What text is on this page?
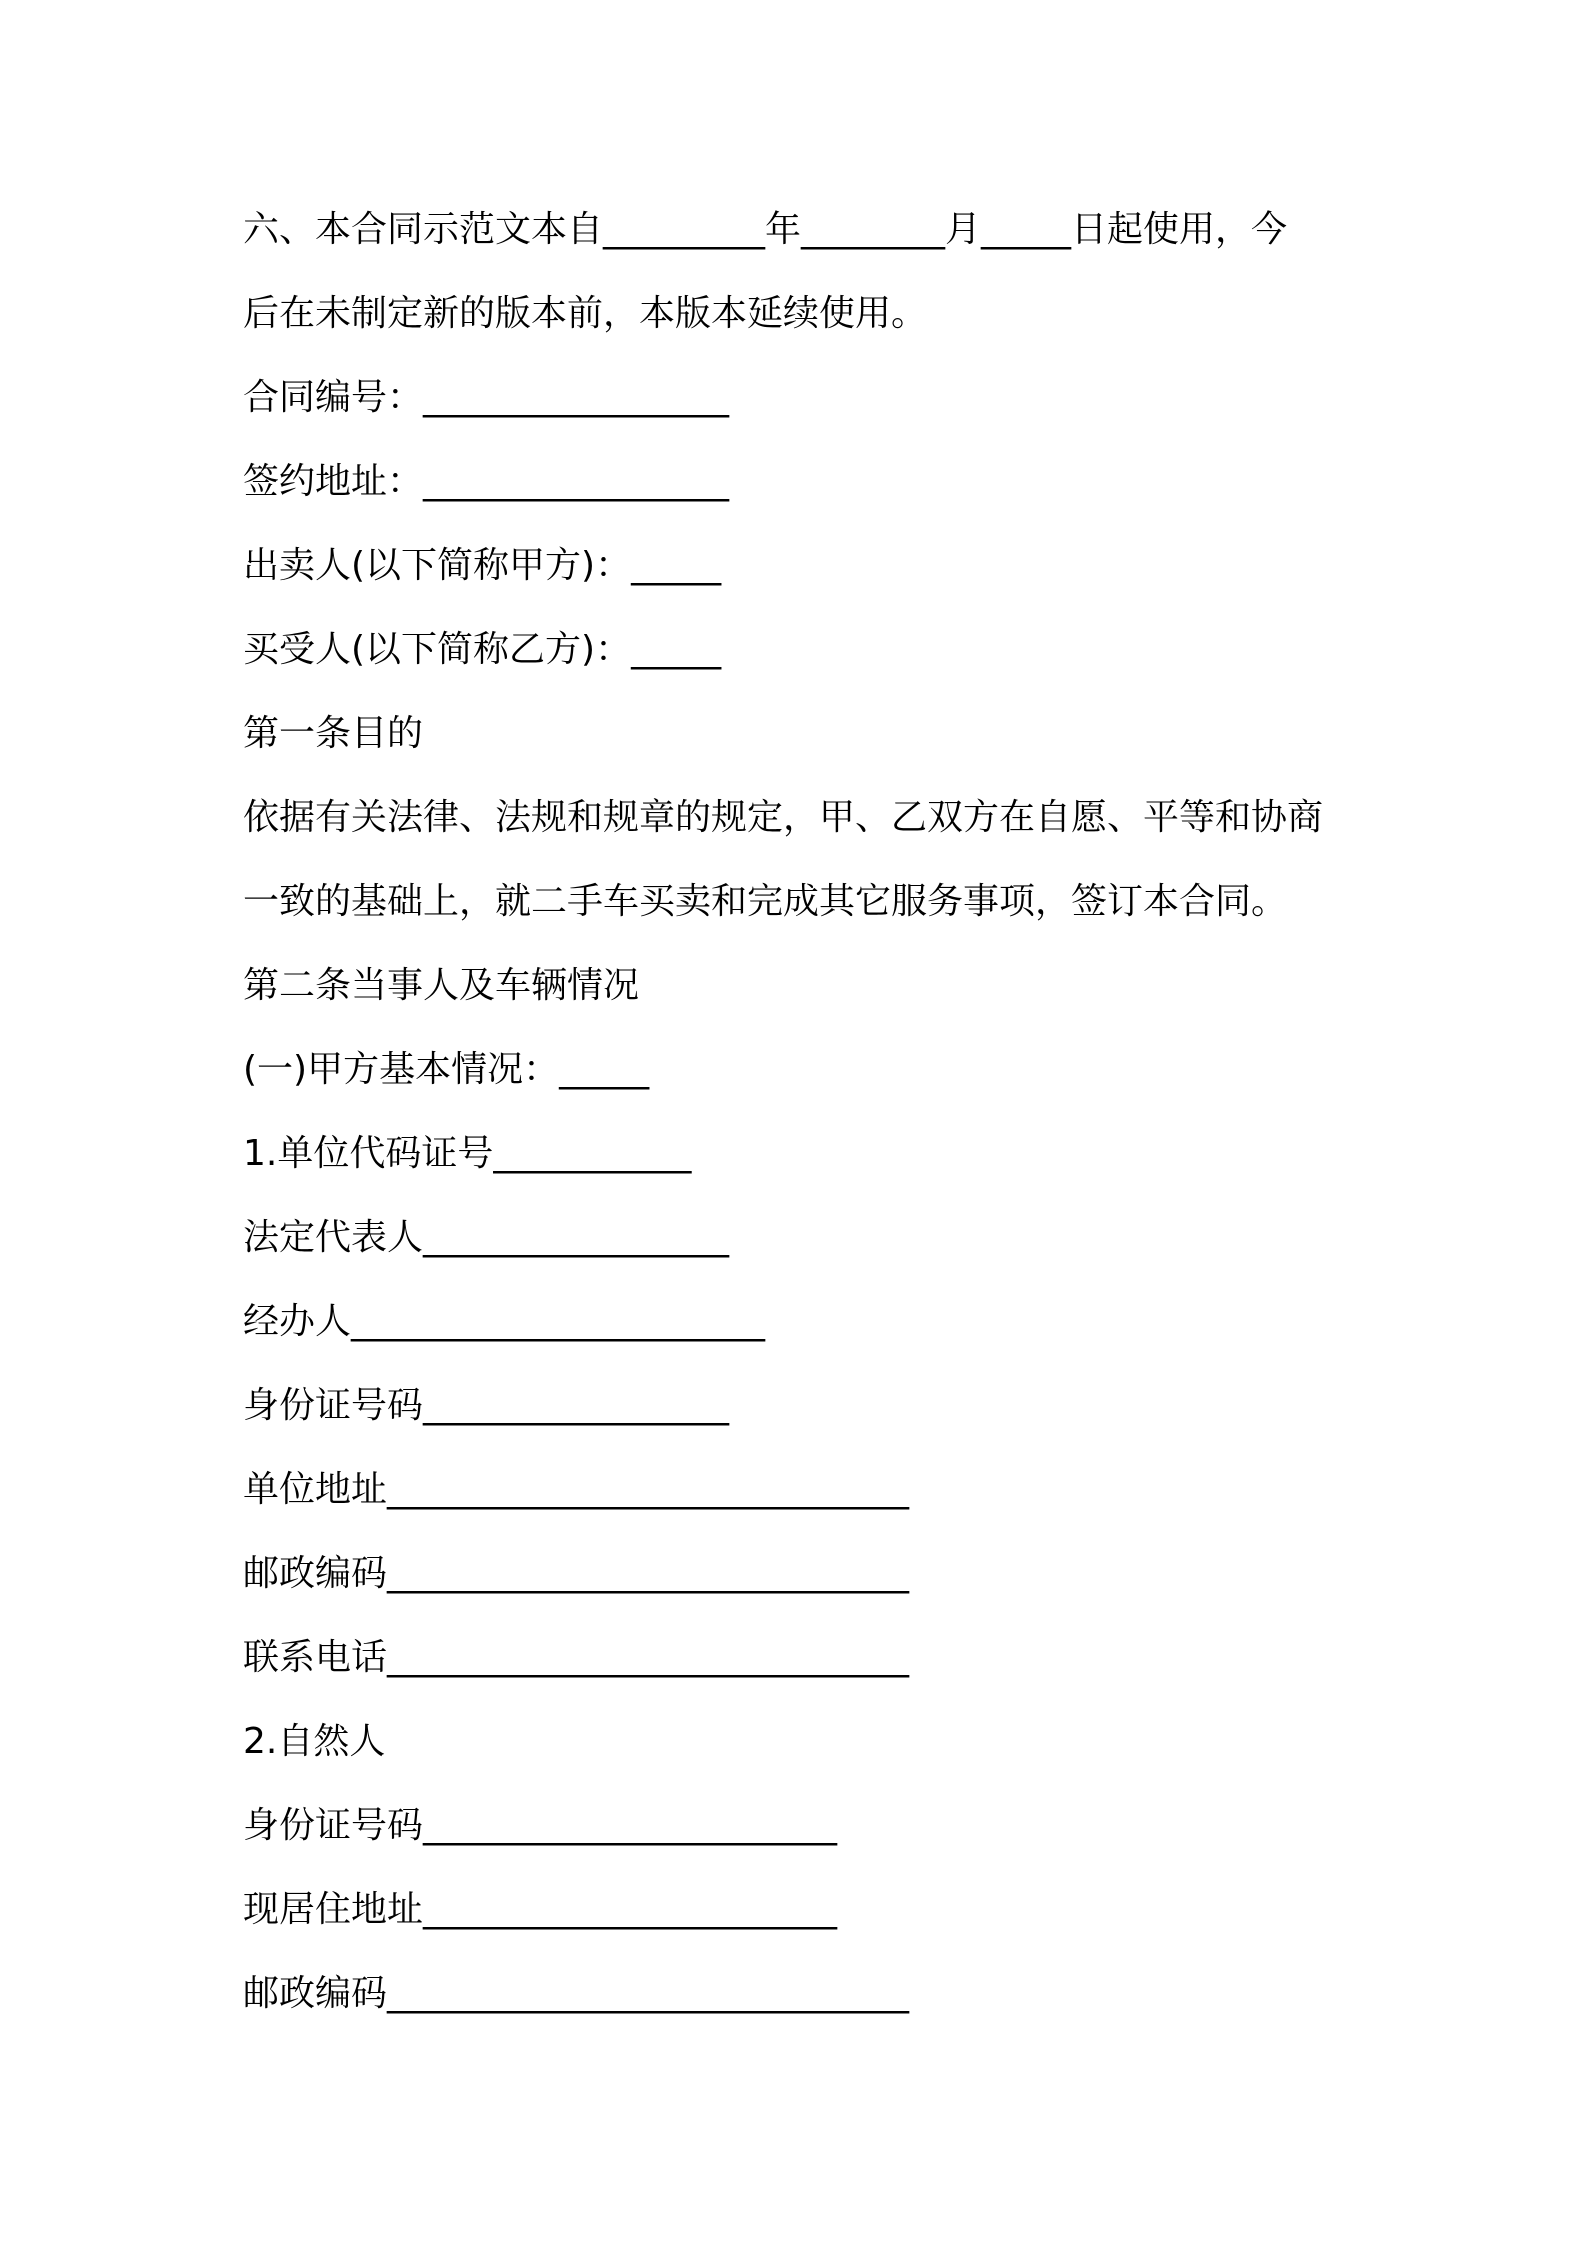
六、本合同示范文本自_________年________月_____日起使用，今
后在未制定新的版本前，本版本延续使用。
合同编号：_________________
签约地址：_________________
出卖人(以下简称甲方)：_____
买受人(以下简称乙方)：_____
第一条目的
依据有关法律、法规和规章的规定，甲、乙双方在自愿、平等和协商
一致的基础上，就二手车买卖和完成其它服务事项，签订本合同。
第二条当事人及车辆情况
(一)甲方基本情况：_____
1.单位代码证号___________
法定代表人_________________
经办人_______________________
身份证号码_________________
单位地址_____________________________
邮政编码_____________________________
联系电话_____________________________
2.自然人
身份证号码_______________________
现居住地址_______________________
邮政编码_____________________________
